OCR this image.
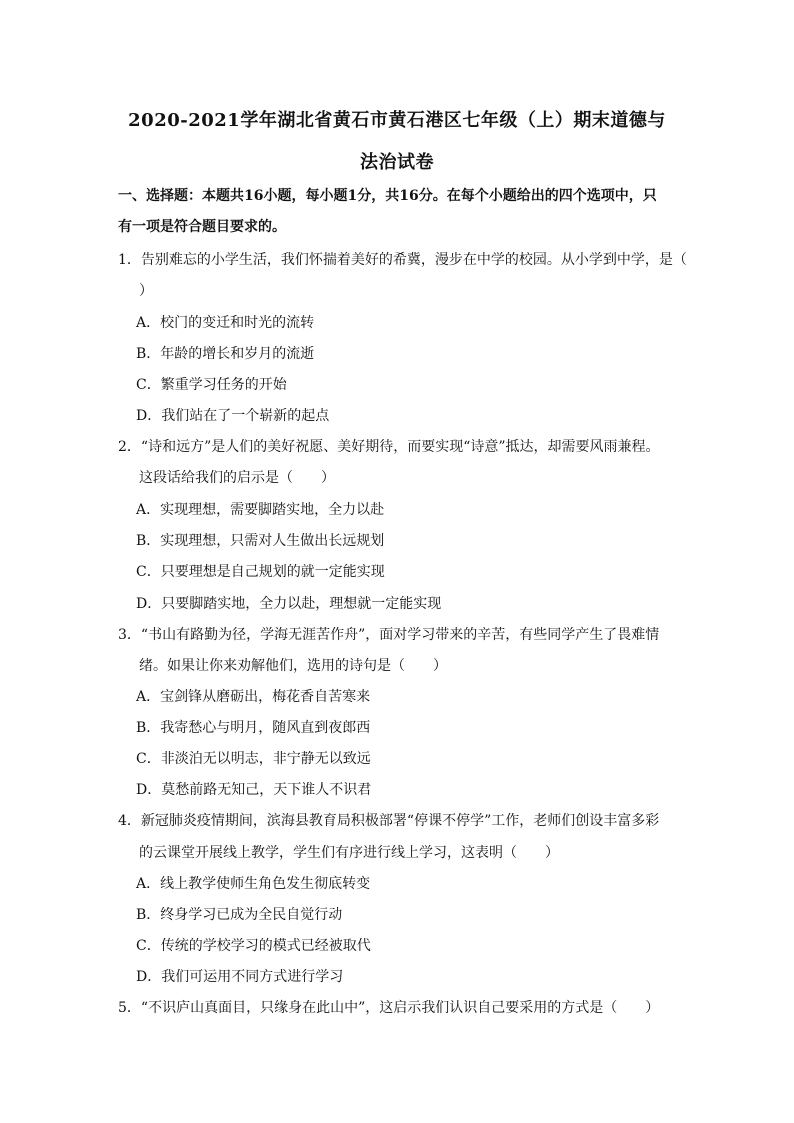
2020-2021学年湖北省黄石市黄石港区七年级（上）期末道德与
法治试卷
一、选择题：本题共16小题，每小题1分，共16分。在每个小题给出的四个选项中，只
有一项是符合题目要求的。
1．告别难忘的小学生活，我们怀揣着美好的希冀，漫步在中学的校园。从小学到中学，是（
）
A．校门的变迁和时光的流转
B．年龄的增长和岁月的流逝
C．繁重学习任务的开始
D．我们站在了一个崭新的起点
2．“诗和远方”是人们的美好祝愿、美好期待，而要实现“诗意”抵达，却需要风雨兼程。
这段话给我们的启示是（　　）
A．实现理想，需要脚踏实地，全力以赴
B．实现理想，只需对人生做出长远规划
C．只要理想是自己规划的就一定能实现
D．只要脚踏实地，全力以赴，理想就一定能实现
3．“书山有路勤为径，学海无涯苦作舟”，面对学习带来的辛苦，有些同学产生了畏难情
绪。如果让你来劝解他们，选用的诗句是（　　）
A．宝剑锋从磨砺出，梅花香自苦寒来
B．我寄愁心与明月，随风直到夜郎西
C．非淡泊无以明志，非宁静无以致远
D．莫愁前路无知己，天下谁人不识君
4．新冠肺炎疫情期间，滨海县教育局积极部署“停课不停学”工作，老师们创设丰富多彩
的云课堂开展线上教学，学生们有序进行线上学习，这表明（　　）
A．线上教学使师生角色发生彻底转变
B．终身学习已成为全民自觉行动
C．传统的学校学习的模式已经被取代
D．我们可运用不同方式进行学习
5．“不识庐山真面目，只缘身在此山中”，这启示我们认识自己要采用的方式是（　　）
